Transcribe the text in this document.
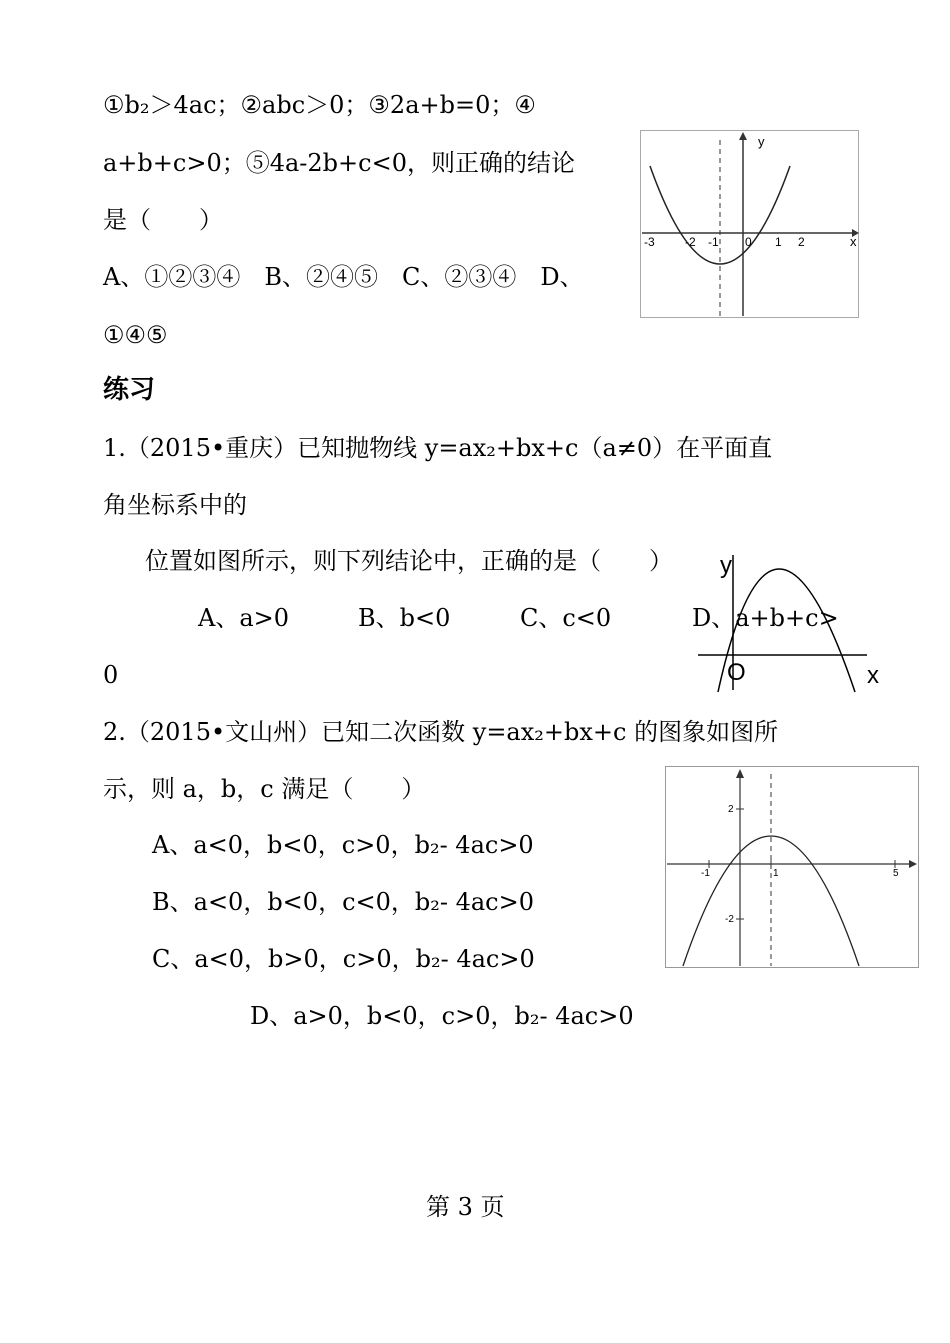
①b₂＞4ac；②abc＞0；③2a+b=0；④
a+b+c>0；⑤4a-2b+c<0，则正确的结论
是（　　）
A、①②③④　B、②④⑤　C、②③④　D、
①④⑤
y
x
-3	-2 -1 0 1 2
练习
1.（2015•重庆）已知抛物线 y=ax₂+bx+c（a≠0）在平面直
角坐标系中的
位置如图所示，则下列结论中，正确的是（　　）
A、a>0	B、b<0	C、c<0	D、a+b+c>
0
y
x
O
2.（2015•文山州）已知二次函数 y=ax₂+bx+c 的图象如图所
示，则 a，b，c 满足（　　）
A、a<0，b<0，c>0，b₂- 4ac>0
B、a<0，b<0，c<0，b₂- 4ac>0
C、a<0，b>0，c>0，b₂- 4ac>0
D、a>0，b<0，c>0，b₂- 4ac>0
-1	1	5
2
-2
第 3 页
